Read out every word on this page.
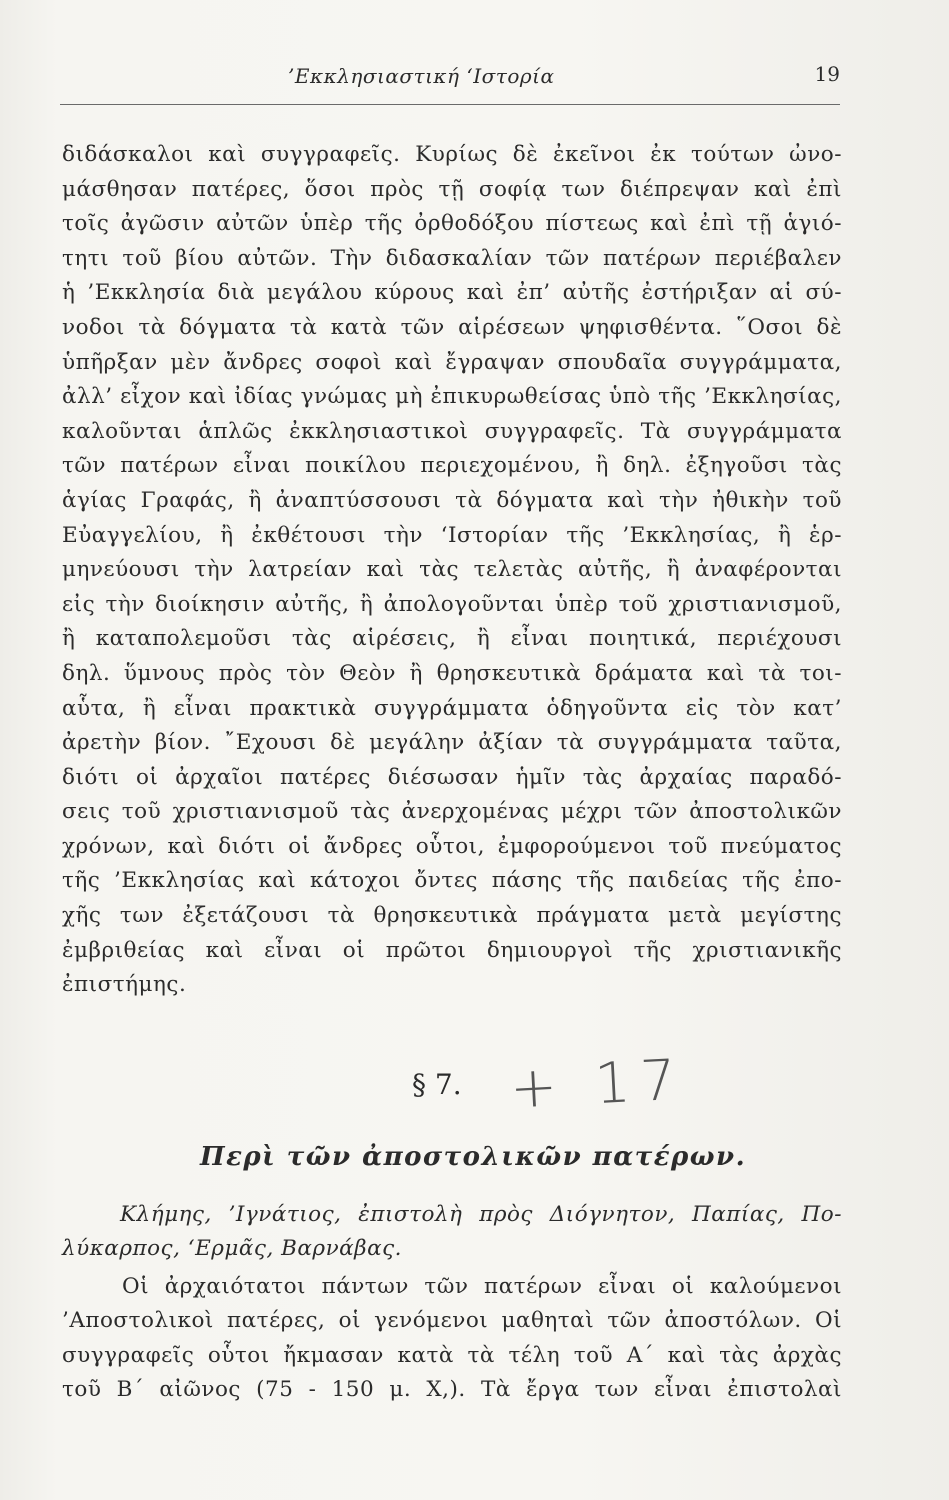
’Εκκλησιαστική ‘Ιστορία	19
διδάσκαλοι καὶ συγγραφεῖς. Κυρίως δὲ ἐκεῖνοι ἐκ τούτων ὠνο-
μάσθησαν πατέρες, ὅσοι πρὸς τῇ σοφίᾳ των διέπρεψαν καὶ ἐπὶ
τοῖς ἀγῶσιν αὐτῶν ὑπὲρ τῆς ὀρθοδόξου πίστεως καὶ ἐπὶ τῇ ἁγιό-
τητι τοῦ βίου αὐτῶν. Τὴν διδασκαλίαν τῶν πατέρων περιέβαλεν
ἡ ’Εκκλησία διὰ μεγάλου κύρους καὶ ἐπ’ αὐτῆς ἐστήριξαν αἱ σύ-
νοδοι τὰ δόγματα τὰ κατὰ τῶν αἱρέσεων ψηφισθέντα. ῞Οσοι δὲ
ὑπῆρξαν μὲν ἄνδρες σοφοὶ καὶ ἔγραψαν σπουδαῖα συγγράμματα,
ἀλλ’ εἶχον καὶ ἰδίας γνώμας μὴ ἐπικυρωθείσας ὑπὸ τῆς ’Εκκλησίας,
καλοῦνται ἁπλῶς ἐκκλησιαστικοὶ συγγραφεῖς. Τὰ συγγράμματα
τῶν πατέρων εἶναι ποικίλου περιεχομένου, ἢ δηλ. ἐξηγοῦσι τὰς
ἁγίας Γραφάς, ἢ ἀναπτύσσουσι τὰ δόγματα καὶ τὴν ἠθικὴν τοῦ
Εὐαγγελίου, ἢ ἐκθέτουσι τὴν ‘Ιστορίαν τῆς ’Εκκλησίας, ἢ ἑρ-
μηνεύουσι τὴν λατρείαν καὶ τὰς τελετὰς αὐτῆς, ἢ ἀναφέρονται
εἰς τὴν διοίκησιν αὐτῆς, ἢ ἀπολογοῦνται ὑπὲρ τοῦ χριστιανισμοῦ,
ἢ καταπολεμοῦσι τὰς αἱρέσεις, ἢ εἶναι ποιητικά, περιέχουσι
δηλ. ὕμνους πρὸς τὸν Θεὸν ἢ θρησκευτικὰ δράματα καὶ τὰ τοι-
αὗτα, ἢ εἶναι πρακτικὰ συγγράμματα ὁδηγοῦντα εἰς τὸν κατ’
ἀρετὴν βίον. ῎Εχουσι δὲ μεγάλην ἀξίαν τὰ συγγράμματα ταῦτα,
διότι οἱ ἀρχαῖοι πατέρες διέσωσαν ἡμῖν τὰς ἀρχαίας παραδό-
σεις τοῦ χριστιανισμοῦ τὰς ἀνερχομένας μέχρι τῶν ἀποστολικῶν
χρόνων, καὶ διότι οἱ ἄνδρες οὗτοι, ἐμφορούμενοι τοῦ πνεύματος
τῆς ’Εκκλησίας καὶ κάτοχοι ὄντες πάσης τῆς παιδείας τῆς ἐπο-
χῆς των ἐξετάζουσι τὰ θρησκευτικὰ πράγματα μετὰ μεγίστης
ἐμβριθείας καὶ εἶναι οἱ πρῶτοι δημιουργοὶ τῆς χριστιανικῆς
ἐπιστήμης.
§ 7. + 17
Περὶ τῶν ἀποστολικῶν πατέρων.
Κλήμης, ’Ιγνάτιος, ἐπιστολὴ πρὸς Διόγνητον, Παπίας, Πο-
λύκαρπος, ‘Ερμᾶς, Βαρνάβας.
Οἱ ἀρχαιότατοι πάντων τῶν πατέρων εἶναι οἱ καλούμενοι
’Αποστολικοὶ πατέρες, οἱ γενόμενοι μαθηταὶ τῶν ἀποστόλων. Οἱ
συγγραφεῖς οὗτοι ἤκμασαν κατὰ τὰ τέλη τοῦ Α΄ καὶ τὰς ἀρχὰς
τοῦ Β΄ αἰῶνος (75 - 150 μ. Χ,). Τὰ ἔργα των εἶναι ἐπιστολαὶ
